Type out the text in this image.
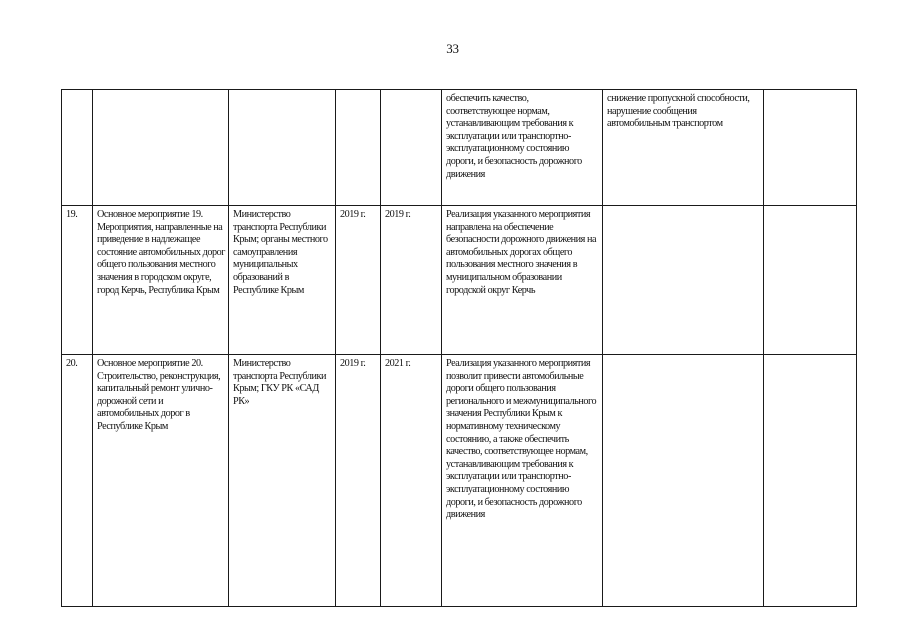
33
					обеспечить качество, соответствующее нормам, устанавливающим требования к эксплуатации или транспортно-эксплуатационному состоянию дороги, и безопасность дорожного движения	снижение пропускной способности, нарушение сообщения автомобильным транспортом	
19.	Основное мероприятие 19. Мероприятия, направленные на приведение в надлежащее состояние автомобильных дорог общего пользования местного значения в городском округе, город Керчь, Республика Крым	Министерство транспорта Республики Крым; органы местного самоуправления муниципальных образований в Республике Крым	2019 г.	2019 г.	Реализация указанного мероприятия направлена на обеспечение безопасности дорожного движения на автомобильных дорогах общего пользования местного значения в муниципальном образовании городской округ Керчь		
20.	Основное мероприятие 20. Строительство, реконструкция, капитальный ремонт улично-дорожной сети и автомобильных дорог в Республике Крым	Министерство транспорта Республики Крым; ГКУ РК «САД РК»	2019 г.	2021 г.	Реализация указанного мероприятия позволит привести автомобильные дороги общего пользования регионального и межмуниципального значения Республики Крым к нормативному техническому состоянию, а также обеспечить качество, соответствующее нормам, устанавливающим требования к эксплуатации или транспортно-эксплуатационному состоянию дороги, и безопасность дорожного движения		
